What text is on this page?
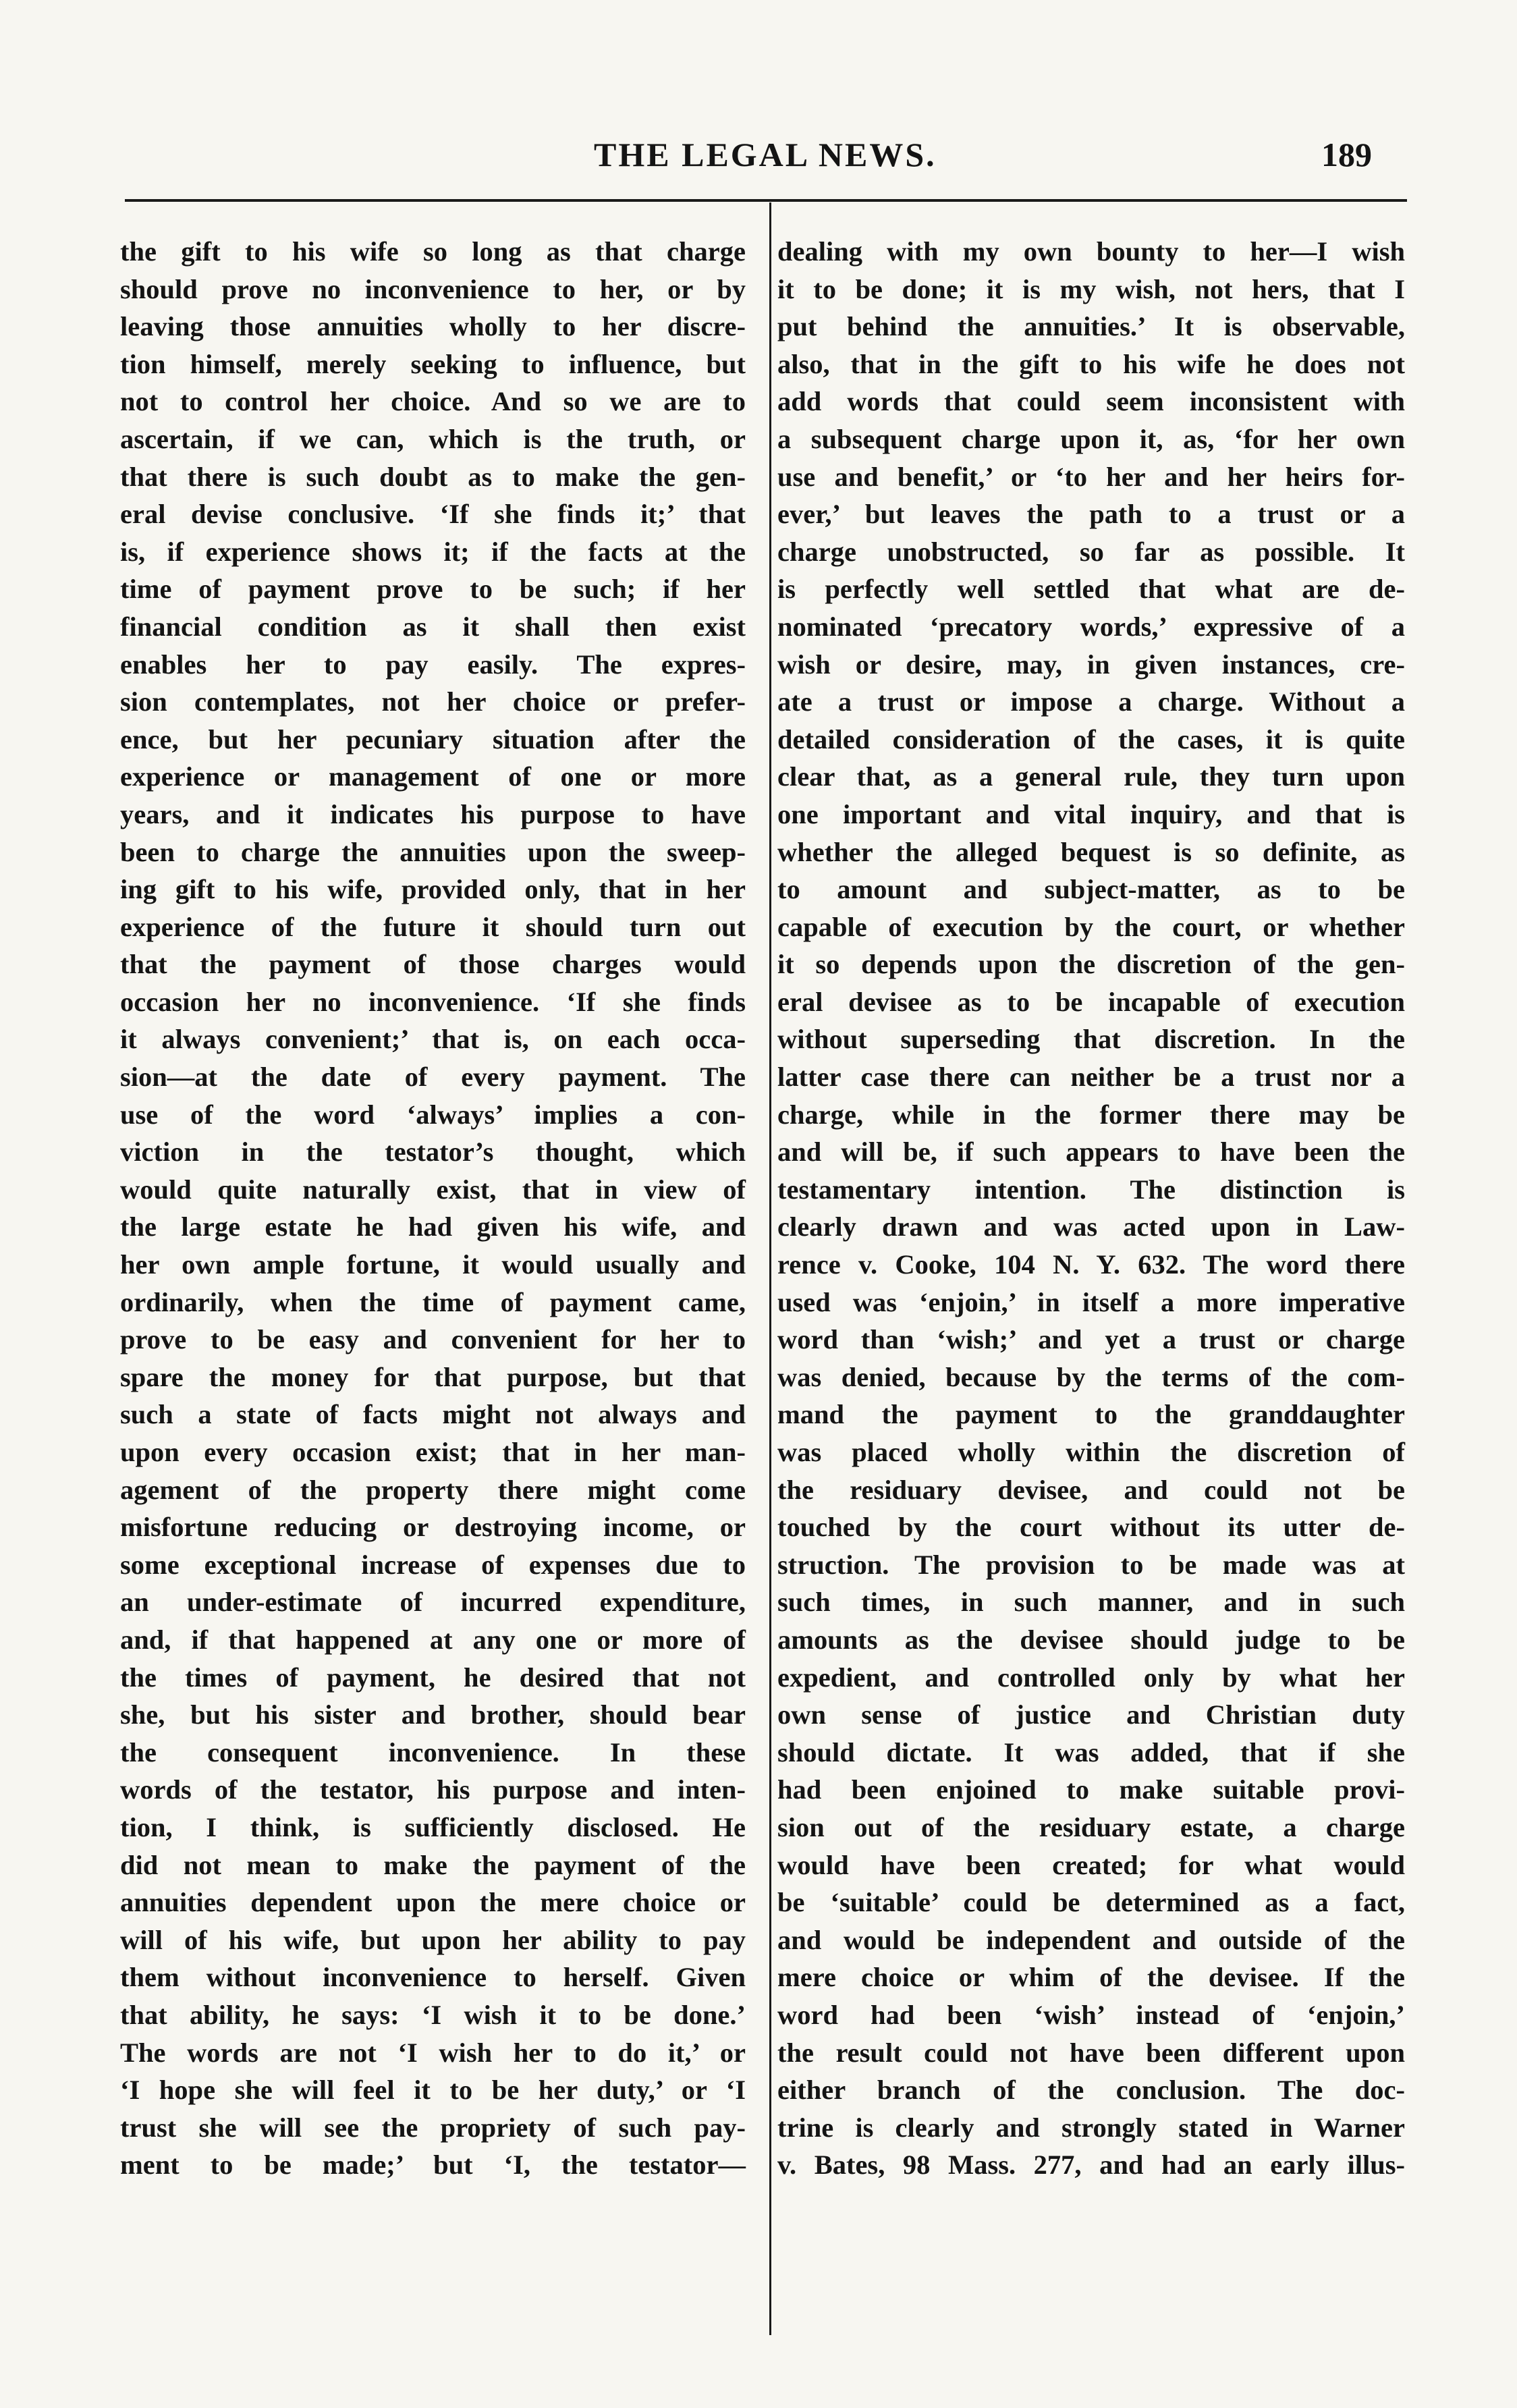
THE LEGAL NEWS.	189
the gift to his wife so long as that charge
should prove no inconvenience to her, or by
leaving those annuities wholly to her discre-
tion himself, merely seeking to influence, but
not to control her choice. And so we are to
ascertain, if we can, which is the truth, or
that there is such doubt as to make the gen-
eral devise conclusive. ‘If she finds it;’ that
is, if experience shows it; if the facts at the
time of payment prove to be such; if her
financial condition as it shall then exist
enables her to pay easily. The expres-
sion contemplates, not her choice or prefer-
ence, but her pecuniary situation after the
experience or management of one or more
years, and it indicates his purpose to have
been to charge the annuities upon the sweep-
ing gift to his wife, provided only, that in her
experience of the future it should turn out
that the payment of those charges would
occasion her no inconvenience. ‘If she finds
it always convenient;’ that is, on each occa-
sion—at the date of every payment. The
use of the word ‘always’ implies a con-
viction in the testator’s thought, which
would quite naturally exist, that in view of
the large estate he had given his wife, and
her own ample fortune, it would usually and
ordinarily, when the time of payment came,
prove to be easy and convenient for her to
spare the money for that purpose, but that
such a state of facts might not always and
upon every occasion exist; that in her man-
agement of the property there might come
misfortune reducing or destroying income, or
some exceptional increase of expenses due to
an under-estimate of incurred expenditure,
and, if that happened at any one or more of
the times of payment, he desired that not
she, but his sister and brother, should bear
the consequent inconvenience. In these
words of the testator, his purpose and inten-
tion, I think, is sufficiently disclosed. He
did not mean to make the payment of the
annuities dependent upon the mere choice or
will of his wife, but upon her ability to pay
them without inconvenience to herself. Given
that ability, he says: ‘I wish it to be done.’
The words are not ‘I wish her to do it,’ or
‘I hope she will feel it to be her duty,’ or ‘I
trust she will see the propriety of such pay-
ment to be made;’ but ‘I, the testator—
dealing with my own bounty to her—I wish
it to be done; it is my wish, not hers, that I
put behind the annuities.’ It is observable,
also, that in the gift to his wife he does not
add words that could seem inconsistent with
a subsequent charge upon it, as, ‘for her own
use and benefit,’ or ‘to her and her heirs for-
ever,’ but leaves the path to a trust or a
charge unobstructed, so far as possible. It
is perfectly well settled that what are de-
nominated ‘precatory words,’ expressive of a
wish or desire, may, in given instances, cre-
ate a trust or impose a charge. Without a
detailed consideration of the cases, it is quite
clear that, as a general rule, they turn upon
one important and vital inquiry, and that is
whether the alleged bequest is so definite, as
to amount and subject-matter, as to be
capable of execution by the court, or whether
it so depends upon the discretion of the gen-
eral devisee as to be incapable of execution
without superseding that discretion. In the
latter case there can neither be a trust nor a
charge, while in the former there may be
and will be, if such appears to have been the
testamentary intention. The distinction is
clearly drawn and was acted upon in Law-
rence v. Cooke, 104 N. Y. 632. The word there
used was ‘enjoin,’ in itself a more imperative
word than ‘wish;’ and yet a trust or charge
was denied, because by the terms of the com-
mand the payment to the granddaughter
was placed wholly within the discretion of
the residuary devisee, and could not be
touched by the court without its utter de-
struction. The provision to be made was at
such times, in such manner, and in such
amounts as the devisee should judge to be
expedient, and controlled only by what her
own sense of justice and Christian duty
should dictate. It was added, that if she
had been enjoined to make suitable provi-
sion out of the residuary estate, a charge
would have been created; for what would
be ‘suitable’ could be determined as a fact,
and would be independent and outside of the
mere choice or whim of the devisee. If the
word had been ‘wish’ instead of ‘enjoin,’
the result could not have been different upon
either branch of the conclusion. The doc-
trine is clearly and strongly stated in Warner
v. Bates, 98 Mass. 277, and had an early illus-
